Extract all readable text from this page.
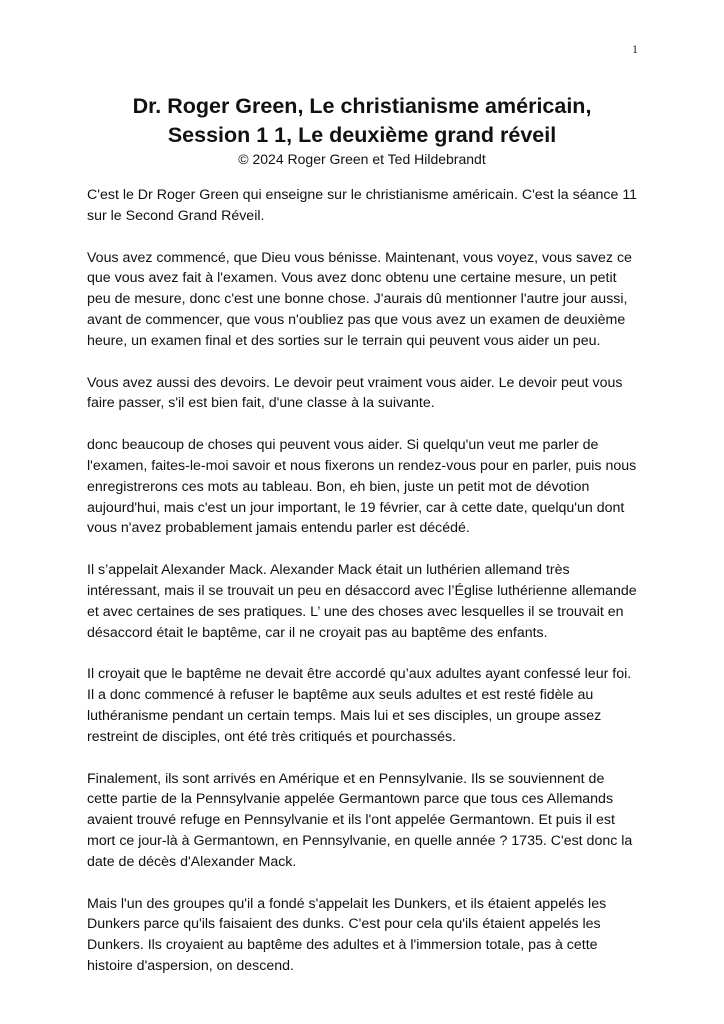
1

Dr. Roger Green, Le christianisme américain,

Session 1 1, Le deuxième grand réveil

© 2024 Roger Green et Ted Hildebrandt

C'est le Dr Roger Green qui enseigne sur le christianisme américain. C'est la séance 11 sur le Second Grand Réveil.

Vous avez commencé, que Dieu vous bénisse. Maintenant, vous voyez, vous savez ce que vous avez fait à l'examen. Vous avez donc obtenu une certaine mesure, un petit peu de mesure, donc c'est une bonne chose. J'aurais dû mentionner l'autre jour aussi, avant de commencer, que vous n'oubliez pas que vous avez un examen de deuxième heure, un examen final et des sorties sur le terrain qui peuvent vous aider un peu.

Vous avez aussi des devoirs. Le devoir peut vraiment vous aider. Le devoir peut vous faire passer, s'il est bien fait, d'une classe à la suivante.

donc beaucoup de choses qui peuvent vous aider. Si quelqu'un veut me parler de l'examen, faites-le-moi savoir et nous fixerons un rendez-vous pour en parler, puis nous enregistrerons ces mots au tableau. Bon, eh bien, juste un petit mot de dévotion aujourd'hui, mais c'est un jour important, le 19 février, car à cette date, quelqu'un dont vous n'avez probablement jamais entendu parler est décédé.

Il s’appelait Alexander Mack. Alexander Mack était un luthérien allemand très intéressant, mais il se trouvait un peu en désaccord avec l’Église luthérienne allemande et avec certaines de ses pratiques. L’ une des choses avec lesquelles il se trouvait en désaccord était le baptême, car il ne croyait pas au baptême des enfants.

Il croyait que le baptême ne devait être accordé qu’aux adultes ayant confessé leur foi. Il a donc commencé à refuser le baptême aux seuls adultes et est resté fidèle au luthéranisme pendant un certain temps. Mais lui et ses disciples, un groupe assez restreint de disciples, ont été très critiqués et pourchassés.

Finalement, ils sont arrivés en Amérique et en Pennsylvanie. Ils se souviennent de cette partie de la Pennsylvanie appelée Germantown parce que tous ces Allemands avaient trouvé refuge en Pennsylvanie et ils l'ont appelée Germantown. Et puis il est mort ce jour-là à Germantown, en Pennsylvanie, en quelle année ? 1735. C'est donc la date de décès d'Alexander Mack.

Mais l'un des groupes qu'il a fondé s'appelait les Dunkers, et ils étaient appelés les Dunkers parce qu'ils faisaient des dunks. C'est pour cela qu'ils étaient appelés les Dunkers. Ils croyaient au baptême des adultes et à l'immersion totale, pas à cette histoire d'aspersion, on descend.
